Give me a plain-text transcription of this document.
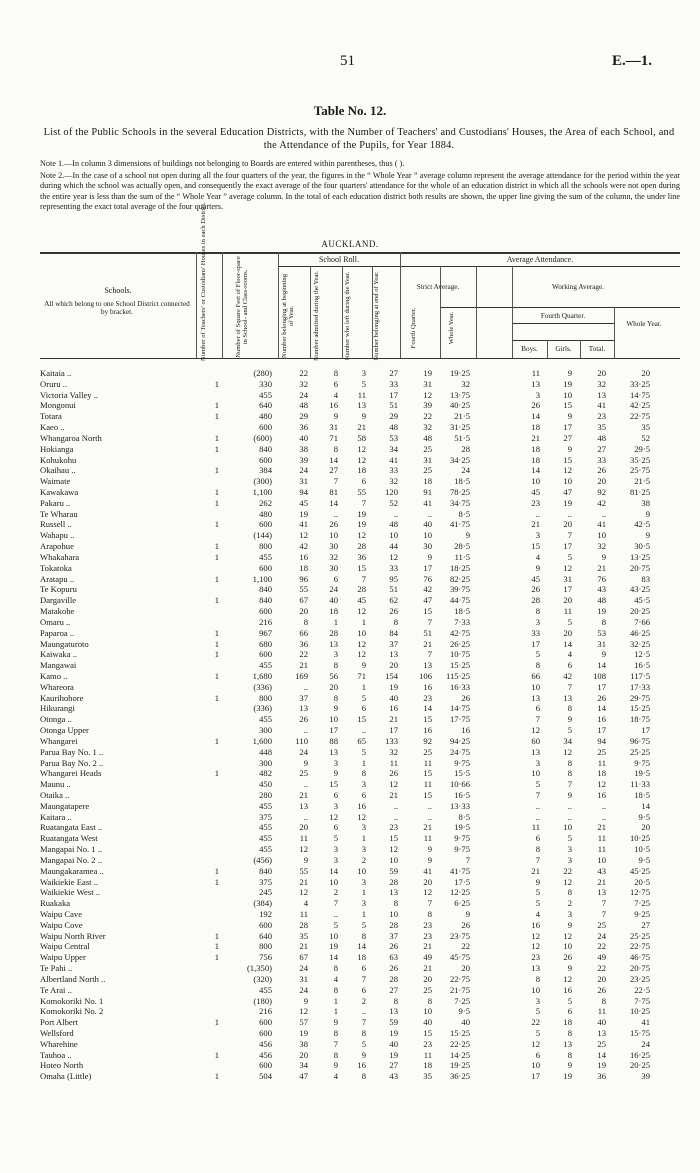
51	E.—1.
Table No. 12.
List of the Public Schools in the several Education Districts, with the Number of Teachers' and Custodians' Houses, the Area of each School, and the Attendance of the Pupils, for Year 1884.
Note 1.—In column 3 dimensions of buildings not belonging to Boards are entered within parentheses, thus ( ).
Note 2.—In the case of a school not open during all the four quarters of the year, the figures in the “ Whole Year ” average column represent the average attendance for the period within the year during which the school was actually open, and consequently the exact average of the four quarters' attendance for the whole of an education district in which all the schools were not open during the entire year is less than the sum of the “ Whole Year ” average column. In the total of each education district both results are shown, the upper line giving the sum of the column, the under line representing the exact total average of the four quarters.
AUCKLAND.
Schools.
All which belong to one School District connected by bracket.	Number of Teachers' or Custodians' Houses in each District.	Number of Square Feet of Floor-space in School- and Class-rooms.
School Roll.
Number belonging at beginning of Year.	Number admitted during the Year.	Number who left during the Year.	Number belonging at end of Year.
Average Attendance.
Strict Average.	Working Average.
Fourth Quarter.	Whole Year.	Fourth Quarter.
Boys.	Girls.	Total.
Whole Year.
Kaitaia ..	(280)	22	8	3	27	19	19·25	11	9	20	20
Oruru ..	1	330	32	6	5	33	31	32	13	19	32	33·25
Victoria Valley ..	455	24	4	11	17	12	13·75	3	10	13	14·75
Mongonui	1	640	48	16	13	51	39	40·25	26	15	41	42·25
Totara	1	480	29	9	9	29	22	21·5	14	9	23	22·75
Kaeo ..	600	36	31	21	48	32	31·25	18	17	35	35
Whangaroa North	1	(600)	40	71	58	53	48	51·5	21	27	48	52
Hokianga	1	840	38	8	12	34	25	28	18	9	27	29·5
Kohukohu	600	39	14	12	41	31	34·25	18	15	33	35·25
Okaihau ..	1	384	24	27	18	33	25	24	14	12	26	25·75
Waimate	(300)	31	7	6	32	18	18·5	10	10	20	21·5
Kawakawa	1	1,100	94	81	55	120	91	78·25	45	47	92	81·25
Pakaru ..	1	262	45	14	7	52	41	34·75	23	19	42	38
Te Wharau	480	19	..	19	..	..	8·5	..	..	..	9
Russell ..	1	600	41	26	19	48	40	41·75	21	20	41	42·5
Wahapu ..	(144)	12	10	12	10	10	9	3	7	10	9
Arapohue	1	800	42	30	28	44	30	28·5	15	17	32	30·5
Whakahara	1	455	16	32	36	12	9	11·5	4	5	9	13·25
Tokatoka	600	18	30	15	33	17	18·25	9	12	21	20·75
Aratapu ..	1	1,100	96	6	7	95	76	82·25	45	31	76	83
Te Kopuru	840	55	24	28	51	42	39·75	26	17	43	43·25
Dargaville	1	840	67	40	45	62	47	44·75	28	20	48	45·5
Matakohe	600	20	18	12	26	15	18·5	8	11	19	20·25
Omaru ..	216	8	1	1	8	7	7·33	3	5	8	7·66
Paparoa ..	1	967	66	28	10	84	51	42·75	33	20	53	46·25
Maungaturoto	1	680	36	13	12	37	21	26·25	17	14	31	32·25
Kaiwaka ..	1	600	22	3	12	13	7	10·75	5	4	9	12·5
Mangawai	455	21	8	9	20	13	15·25	8	6	14	16·5
Kamo ..	1	1,680	169	56	71	154	106	115·25	66	42	108	117·5
Whareora	(336)	..	20	1	19	16	16·33	10	7	17	17·33
Kaurihohore	1	800	37	8	5	40	23	26	13	13	26	29·75
Hikurangi	(336)	13	9	6	16	14	14·75	6	8	14	15·25
Otonga ..	455	26	10	15	21	15	17·75	7	9	16	18·75
Otonga Upper	300	..	17	..	17	16	16	12	5	17	17
Whangarei	1	1,600	110	88	65	133	92	94·25	60	34	94	96·75
Parua Bay No. 1 ..	448	24	13	5	32	25	24·75	13	12	25	25·25
Parua Bay No. 2 ..	300	9	3	1	11	11	9·75	3	8	11	9·75
Whangarei Heads	1	482	25	9	8	26	15	15·5	10	8	18	19·5
Maunu ..	450	..	15	3	12	11	10·66	5	7	12	11·33
Otaika ..	280	21	6	6	21	15	16·5	7	9	16	18·5
Maungatapere	455	13	3	16	..	..	13·33	..	..	..	14
Kaitara ..	375	..	12	12	..	..	8·5	..	..	..	9·5
Ruatangata East ..	455	20	6	3	23	21	19·5	11	10	21	20
Ruatangata West	455	11	5	1	15	11	9·75	6	5	11	10·25
Mangapai No. 1 ..	455	12	3	3	12	9	9·75	8	3	11	10·5
Mangapai No. 2 ..	(456)	9	3	2	10	9	7	7	3	10	9·5
Maungakaramea ..	1	840	55	14	10	59	41	41·75	21	22	43	45·25
Waikiekie East ..	1	375	21	10	3	28	20	17·5	9	12	21	20·5
Waikiekie West ..	245	12	2	1	13	12	12·25	5	8	13	12·75
Ruakaka	(384)	4	7	3	8	7	6·25	5	2	7	7·25
Waipu Cave	192	11	..	1	10	8	9	4	3	7	9·25
Waipu Cove	600	28	5	5	28	23	26	16	9	25	27
Waipu North River	1	640	35	10	8	37	23	23·75	12	12	24	25·25
Waipu Central	1	800	21	19	14	26	21	22	12	10	22	22·75
Waipu Upper	1	756	67	14	18	63	49	45·75	23	26	49	46·75
Te Pahi ..	(1,350)	24	8	6	26	21	20	13	9	22	20·75
Albertland North ..	(320)	31	4	7	28	20	22·75	8	12	20	23·25
Te Arai ..	455	24	8	6	27	25	21·75	10	16	26	22·5
Komokoriki No. 1	(180)	9	1	2	8	8	7·25	3	5	8	7·75
Komokoriki No. 2	216	12	1	..	13	10	9·5	5	6	11	10·25
Port Albert	1	600	57	9	7	59	40	40	22	18	40	41
Wellsford	600	19	8	8	19	15	15·25	5	8	13	15·75
Wharehine	456	38	7	5	40	23	22·25	12	13	25	24
Tauhoa ..	1	456	20	8	9	19	11	14·25	6	8	14	16·25
Hoteo North	600	34	9	16	27	18	19·25	10	9	19	20·25
Omaha (Little)	1	504	47	4	8	43	35	36·25	17	19	36	39
